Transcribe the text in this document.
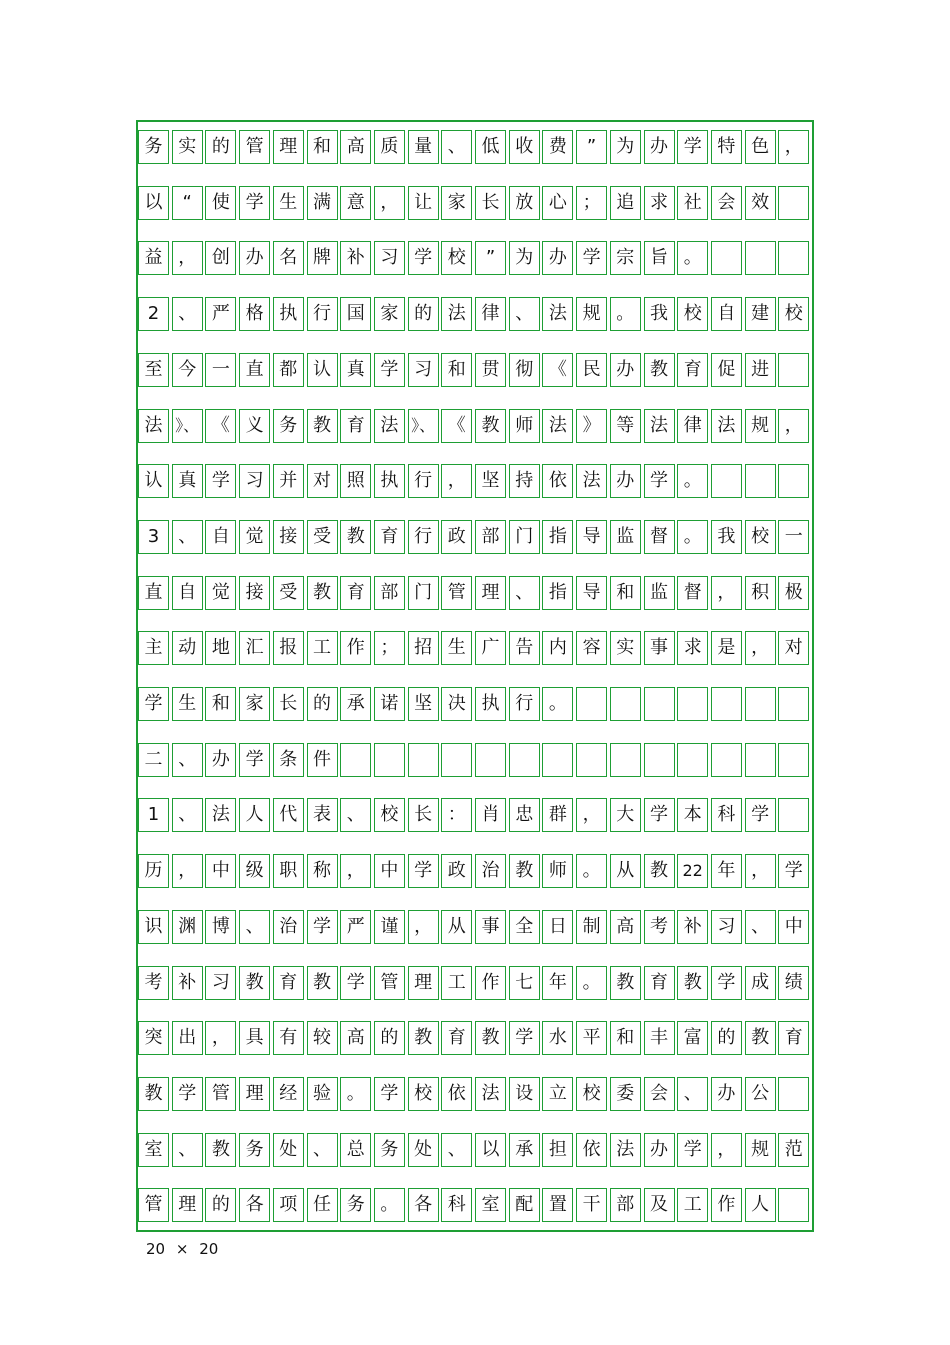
务 实 的 管 理 和 高 质 量 、 低 收 费	”	为 办 学 特 色 ，
以	“	使 学 生 满 意 ， 让 家 长 放 心 ； 追 求 社 会 效
益 ， 创 办 名 牌 补 习 学 校	”	为 办 学 宗 旨 。
2	、 严 格 执 行 国 家 的 法 律 、 法 规 。 我 校 自 建 校
至 今 一 直 都 认 真 学 习 和 贯 彻 《 民 办 教 育 促 进
法 》、 《 义 务 教 育 法 》、 《 教 师 法 》 等 法 律 法 规 ，
认 真 学 习 并 对 照 执 行 ， 坚 持 依 法 办 学 。
3	、 自 觉 接 受 教 育 行 政 部 门 指 导 监 督 。 我 校 一
直 自 觉 接 受 教 育 部 门 管 理 、 指 导 和 监 督 ， 积 极
主 动 地 汇 报 工 作 ； 招 生 广 告 内 容 实 事 求 是 ， 对
学 生 和 家 长 的 承 诺 坚 决 执 行 。
二 、 办 学 条 件
1	、 法 人 代 表 、 校 长 ： 肖 忠 群 ， 大 学 本 科 学
历 ， 中 级 职 称 ， 中 学 政 治 教 师 。 从 教 22 年 ， 学
识 渊 博 、 治 学 严 谨 ， 从 事 全 日 制 高 考 补 习 、 中
考 补 习 教 育 教 学 管 理 工 作 七 年 。 教 育 教 学 成 绩
突 出 ， 具 有 较 高 的 教 育 教 学 水 平 和 丰 富 的 教 育
教 学 管 理 经 验 。 学 校 依 法 设 立 校 委 会 、 办 公
室 、 教 务 处 、 总 务 处 、 以 承 担 依 法 办 学 ， 规 范
管 理 的 各 项 任 务 。 各 科 室 配 置 干 部 及 工 作 人
20 × 20
